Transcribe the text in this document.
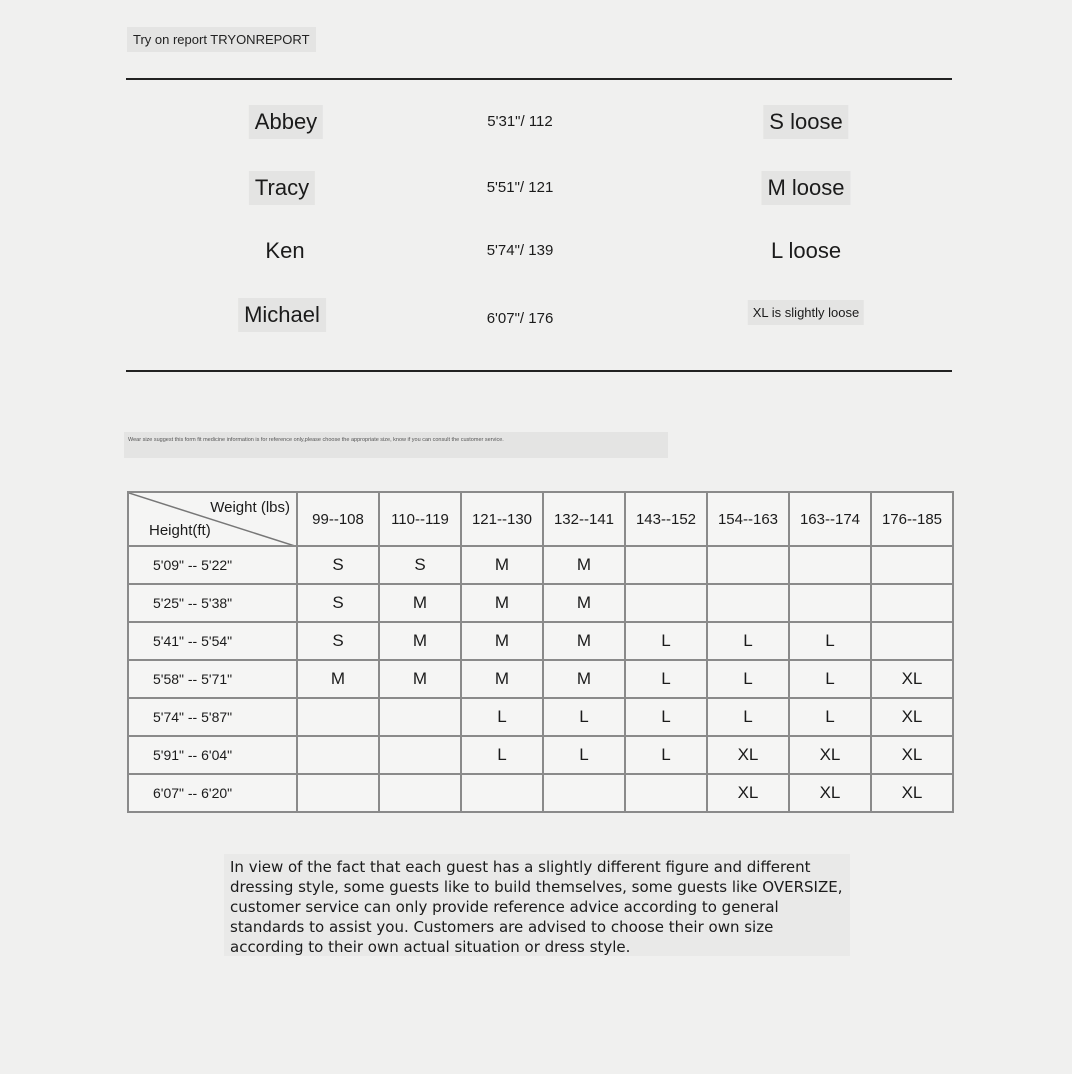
Try on report TRYONREPORT
Abbey	5'31"/ 112	S loose
Tracy	5'51"/ 121	M loose
Ken	5'74"/ 139	L loose
Michael	6'07"/ 176	XL is slightly loose
Wear size suggest this form fit medicine information is for reference only,please choose the appropriate size, know if you can consult the customer service.
Weight (lbs)
Height(ft)	99--108	110--119	121--130	132--141	143--152	154--163	163--174	176--185
5'09" -- 5'22"	S	S	M	M				
5'25" -- 5'38"	S	M	M	M				
5'41" -- 5'54"	S	M	M	M	L	L	L	
5'58" -- 5'71"	M	M	M	M	L	L	L	XL
5'74" -- 5'87"			L	L	L	L	L	XL
5'91" -- 6'04"			L	L	L	XL	XL	XL
6'07" -- 6'20"						XL	XL	XL
In view of the fact that each guest has a slightly different figure and different dressing style, some guests like to build themselves, some guests like OVERSIZE, customer service can only provide reference advice according to general standards to assist you. Customers are advised to choose their own size according to their own actual situation or dress style.
